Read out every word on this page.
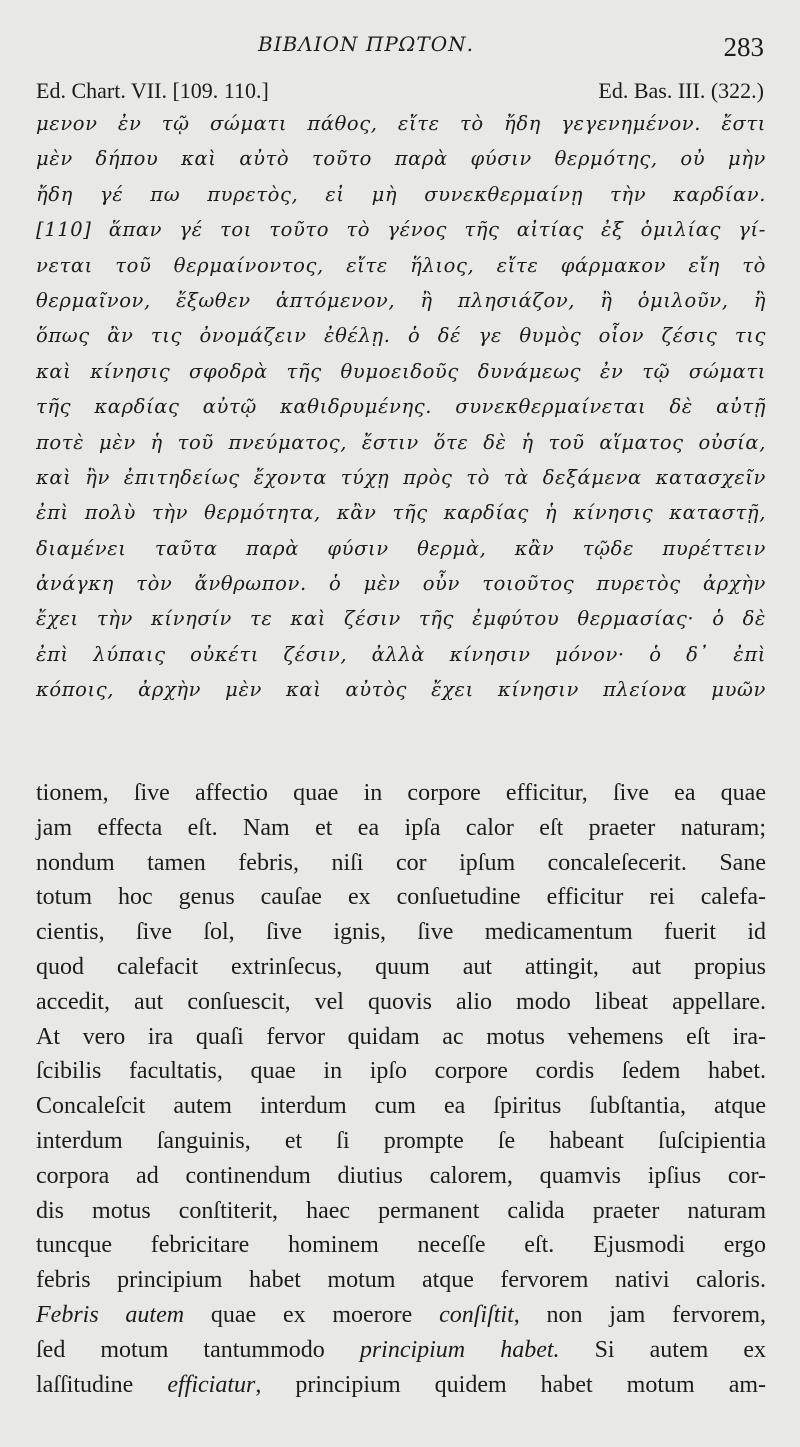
ΒΙΒΛΙΟΝ ΠΡΩΤΟΝ.	283
Ed. Chart. VII. [109. 110.]	Ed. Bas. III. (322.)
μενον ἐν τῷ σώματι πάθος, εἴτε τὸ ἤδη γεγενημένον. ἔστι
μὲν δήπου καὶ αὐτὸ τοῦτο παρὰ φύσιν θερμότης, οὐ μὴν
ἤδη γέ πω πυρετὸς, εἰ μὴ συνεκθερμαίνῃ τὴν καρδίαν.
[110] ἅπαν γέ τοι τοῦτο τὸ γένος τῆς αἰτίας ἐξ ὁμιλίας γί-
νεται τοῦ θερμαίνοντος, εἴτε ἥλιος, εἴτε φάρμακον εἴη τὸ
θερμαῖνον, ἔξωθεν ἁπτόμενον, ἢ πλησιάζον, ἢ ὁμιλοῦν, ἢ
ὅπως ἂν τις ὀνομάζειν ἐθέλῃ. ὁ δέ γε θυμὸς οἷον ζέσις τις
καὶ κίνησις σφοδρὰ τῆς θυμοειδοῦς δυνάμεως ἐν τῷ σώματι
τῆς καρδίας αὐτῷ καθιδρυμένης. συνεκθερμαίνεται δὲ αὐτῇ
ποτὲ μὲν ἡ τοῦ πνεύματος, ἔστιν ὅτε δὲ ἡ τοῦ αἵματος οὐσία,
καὶ ἢν ἐπιτηδείως ἔχοντα τύχῃ πρὸς τὸ τὰ δεξάμενα κατασχεῖν
ἐπὶ πολὺ τὴν θερμότητα, κἂν τῆς καρδίας ἡ κίνησις καταστῇ,
διαμένει ταῦτα παρὰ φύσιν θερμὰ, κἂν τῷδε πυρέττειν
ἀνάγκη τὸν ἄνθρωπον. ὁ μὲν οὖν τοιοῦτος πυρετὸς ἀρχὴν
ἔχει τὴν κίνησίν τε καὶ ζέσιν τῆς ἐμφύτου θερμασίας· ὁ δὲ
ἐπὶ λύπαις οὐκέτι ζέσιν, ἀλλὰ κίνησιν μόνον· ὁ δ᾽ ἐπὶ
κόποις, ἀρχὴν μὲν καὶ αὐτὸς ἔχει κίνησιν πλείονα μυῶν
tionem, ſive affectio quae in corpore efficitur, ſive ea quae
jam effecta eſt. Nam et ea ipſa calor eſt praeter naturam;
nondum tamen febris, niſi cor ipſum concaleſecerit. Sane
totum hoc genus cauſae ex conſuetudine efficitur rei calefa-
cientis, ſive ſol, ſive ignis, ſive medicamentum fuerit id
quod calefacit extrinſecus, quum aut attingit, aut propius
accedit, aut conſuescit, vel quovis alio modo libeat appellare.
At vero ira quaſi fervor quidam ac motus vehemens eſt ira-
ſcibilis facultatis, quae in ipſo corpore cordis ſedem habet.
Concaleſcit autem interdum cum ea ſpiritus ſubſtantia, atque
interdum ſanguinis, et ſi prompte ſe habeant ſuſcipientia
corpora ad continendum diutius calorem, quamvis ipſius cor-
dis motus conſtiterit, haec permanent calida praeter naturam
tuncque febricitare hominem neceſſe eſt. Ejusmodi ergo
febris principium habet motum atque fervorem nativi caloris.
Febris autem quae ex moerore conſiſtit, non jam fervorem,
ſed motum tantummodo principium habet. Si autem ex
laſſitudine efficiatur, principium quidem habet motum am-
